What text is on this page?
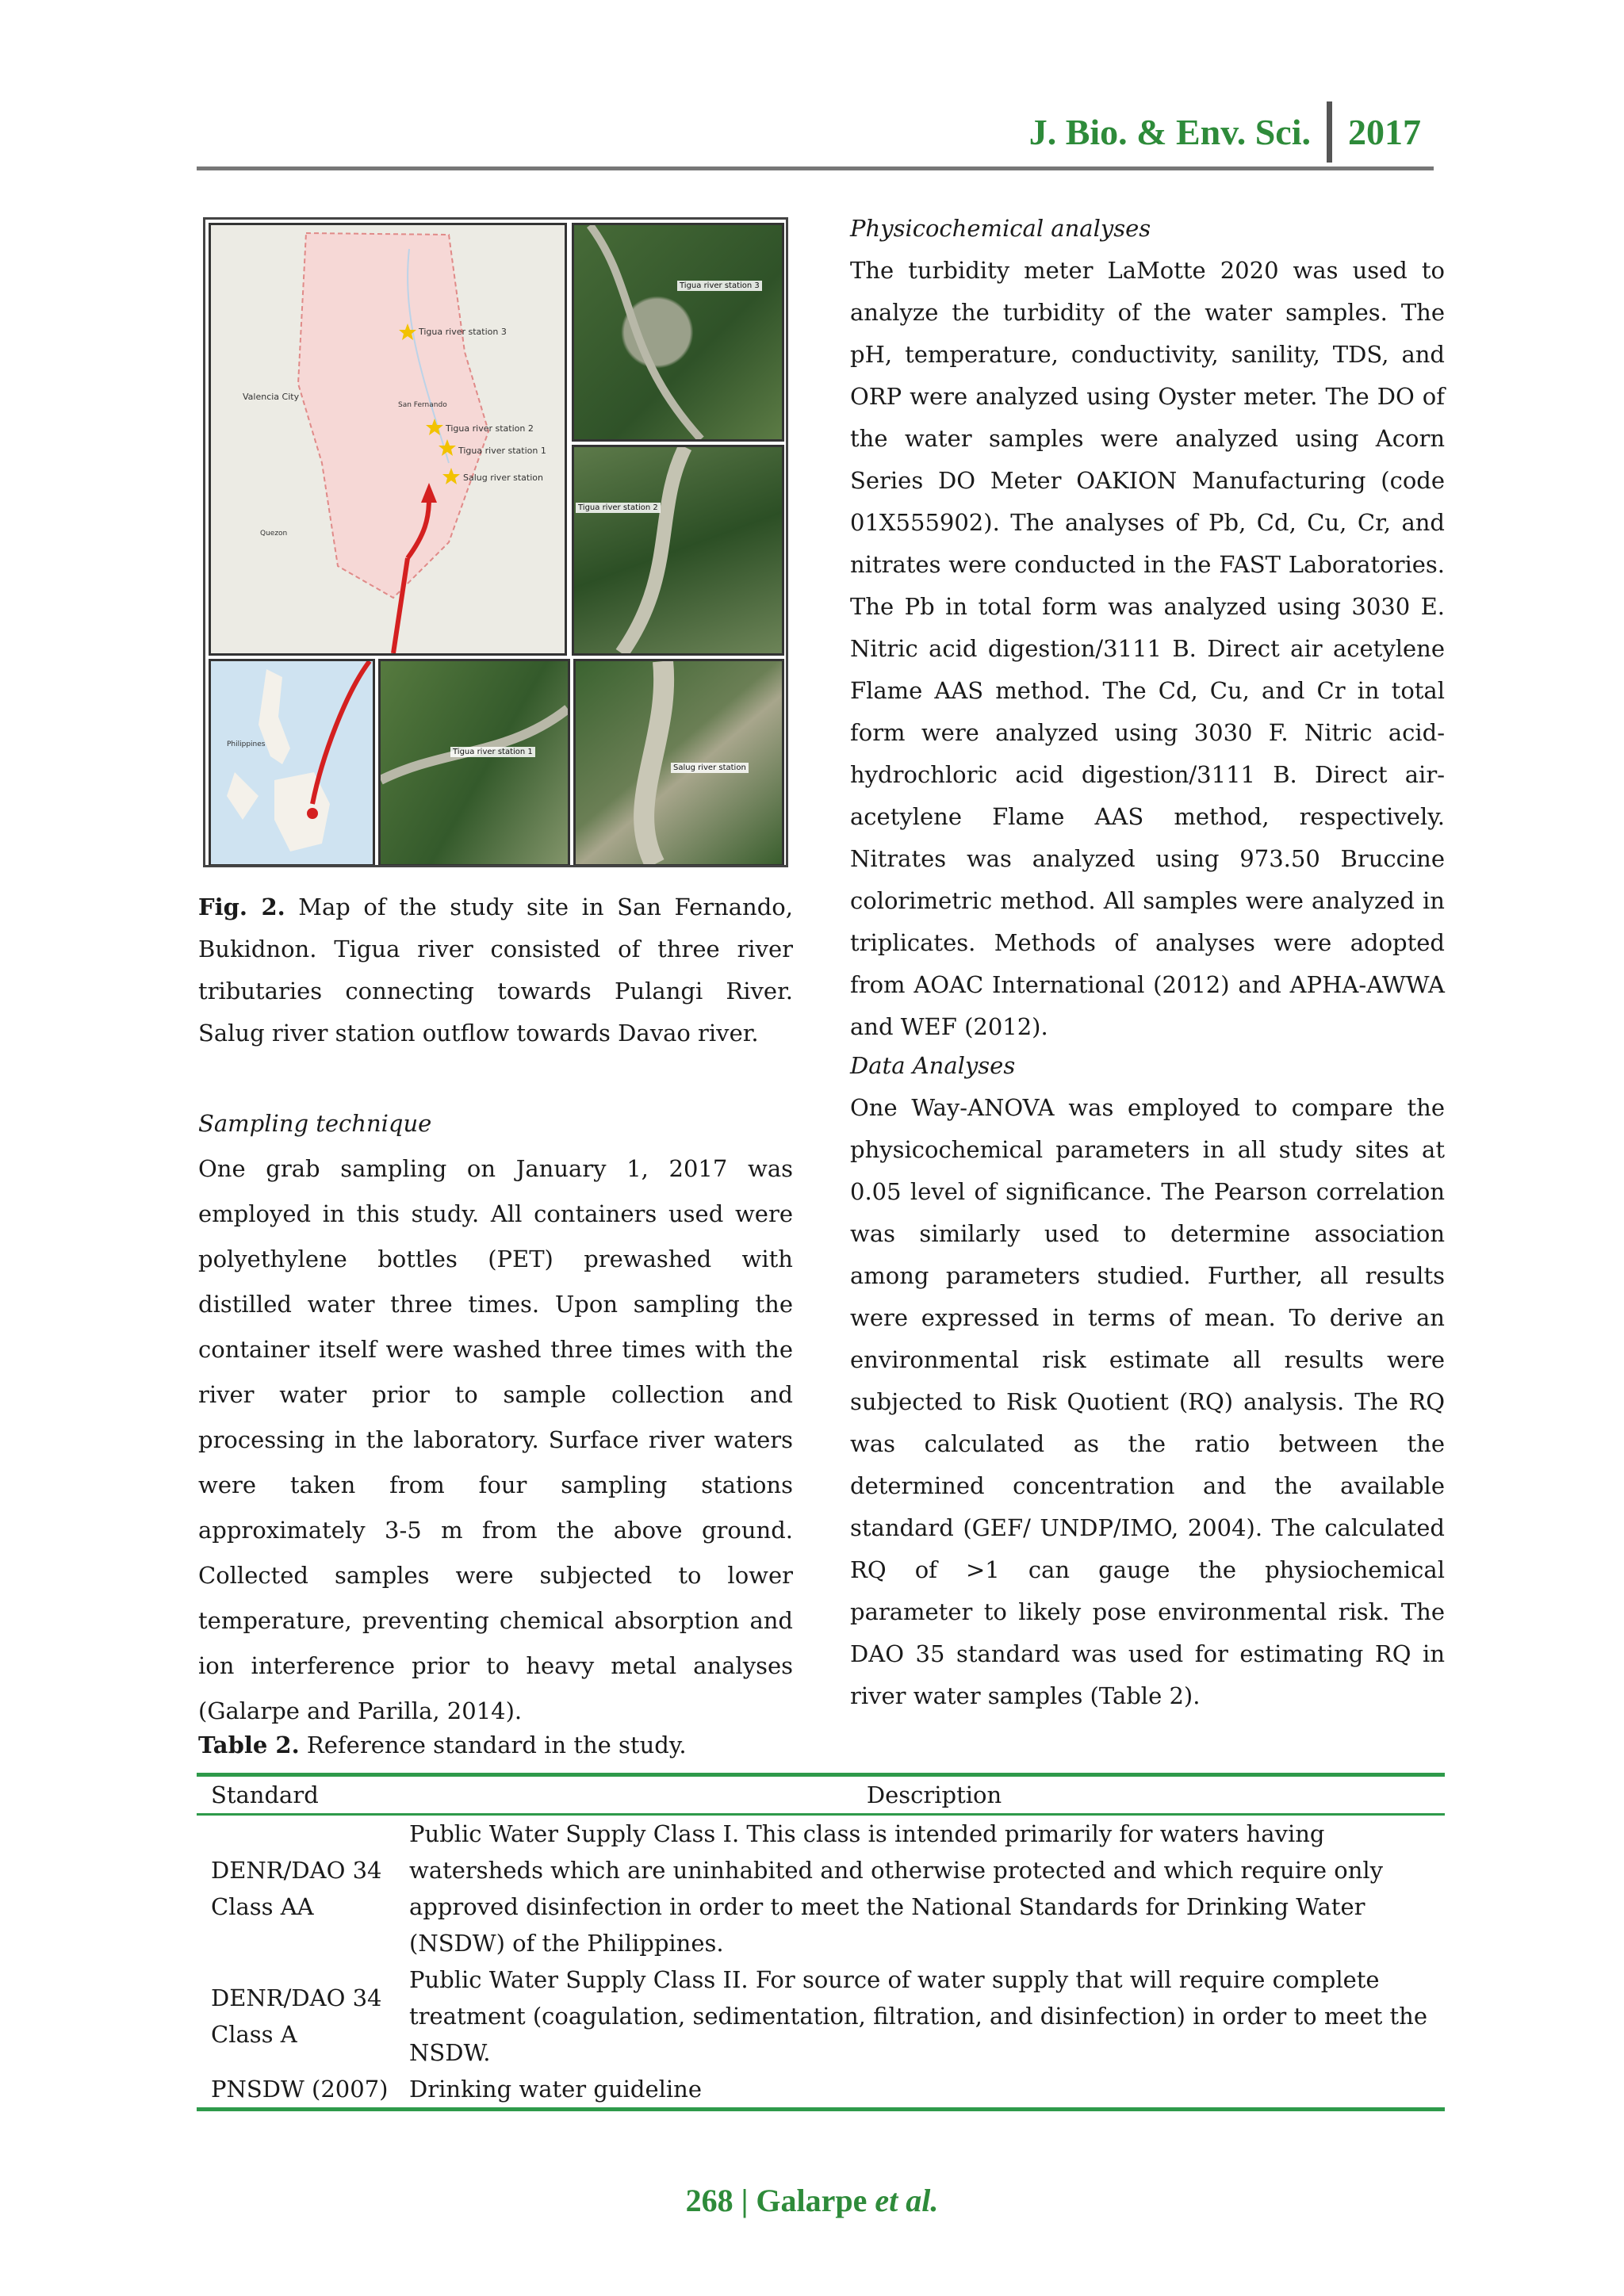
J. Bio. & Env. Sci.	2017
Tigua river station 3
Tigua river station 2
Tigua river station 1
Salug river station
Valencia City
San Fernando
Quezon
Tigua river station 3
Tigua river station 2
Philippines
Tigua river station 1
Salug river station

Fig. 2. Map of the study site in San Fernando, Bukidnon. Tigua river consisted of three river tributaries connecting towards Pulangi River. Salug river station outflow towards Davao river.

Sampling technique

One grab sampling on January 1, 2017 was employed in this study. All containers used were polyethylene bottles (PET) prewashed with distilled water three times. Upon sampling the container itself were washed three times with the river water prior to sample collection and processing in the laboratory. Surface river waters were taken from four sampling stations approximately 3-5 m from the above ground. Collected samples were subjected to lower temperature, preventing chemical absorption and ion interference prior to heavy metal analyses (Galarpe and Parilla, 2014).

Physicochemical analyses

The turbidity meter LaMotte 2020 was used to analyze the turbidity of the water samples. The pH, temperature, conductivity, sanility, TDS, and ORP were analyzed using Oyster meter. The DO of the water samples were analyzed using Acorn Series DO Meter OAKION Manufacturing (code 01X555902). The analyses of Pb, Cd, Cu, Cr, and nitrates were conducted in the FAST Laboratories. The Pb in total form was analyzed using 3030 E. Nitric acid digestion/3111 B. Direct air acetylene Flame AAS method. The Cd, Cu, and Cr in total form were analyzed using 3030 F. Nitric acid-hydrochloric acid digestion/3111 B. Direct air-acetylene Flame AAS method, respectively. Nitrates was analyzed using 973.50 Bruccine colorimetric method. All samples were analyzed in triplicates. Methods of analyses were adopted from AOAC International (2012) and APHA-AWWA and WEF (2012).

Data Analyses

One Way-ANOVA was employed to compare the physicochemical parameters in all study sites at 0.05 level of significance. The Pearson correlation was similarly used to determine association among parameters studied. Further, all results were expressed in terms of mean. To derive an environmental risk estimate all results were subjected to Risk Quotient (RQ) analysis. The RQ was calculated as the ratio between the determined concentration and the available standard (GEF/ UNDP/IMO, 2004). The calculated RQ of >1 can gauge the physiochemical parameter to likely pose environmental risk. The DAO 35 standard was used for estimating RQ in river water samples (Table 2).

Table 2. Reference standard in the study.
Standard	Description
DENR/DAO 34 Class AA	Public Water Supply Class I. This class is intended primarily for waters having watersheds which are uninhabited and otherwise protected and which require only approved disinfection in order to meet the National Standards for Drinking Water (NSDW) of the Philippines.
DENR/DAO 34 Class A	Public Water Supply Class II. For source of water supply that will require complete treatment (coagulation, sedimentation, filtration, and disinfection) in order to meet the NSDW.
PNSDW (2007)	Drinking water guideline
268 | Galarpe et al.
